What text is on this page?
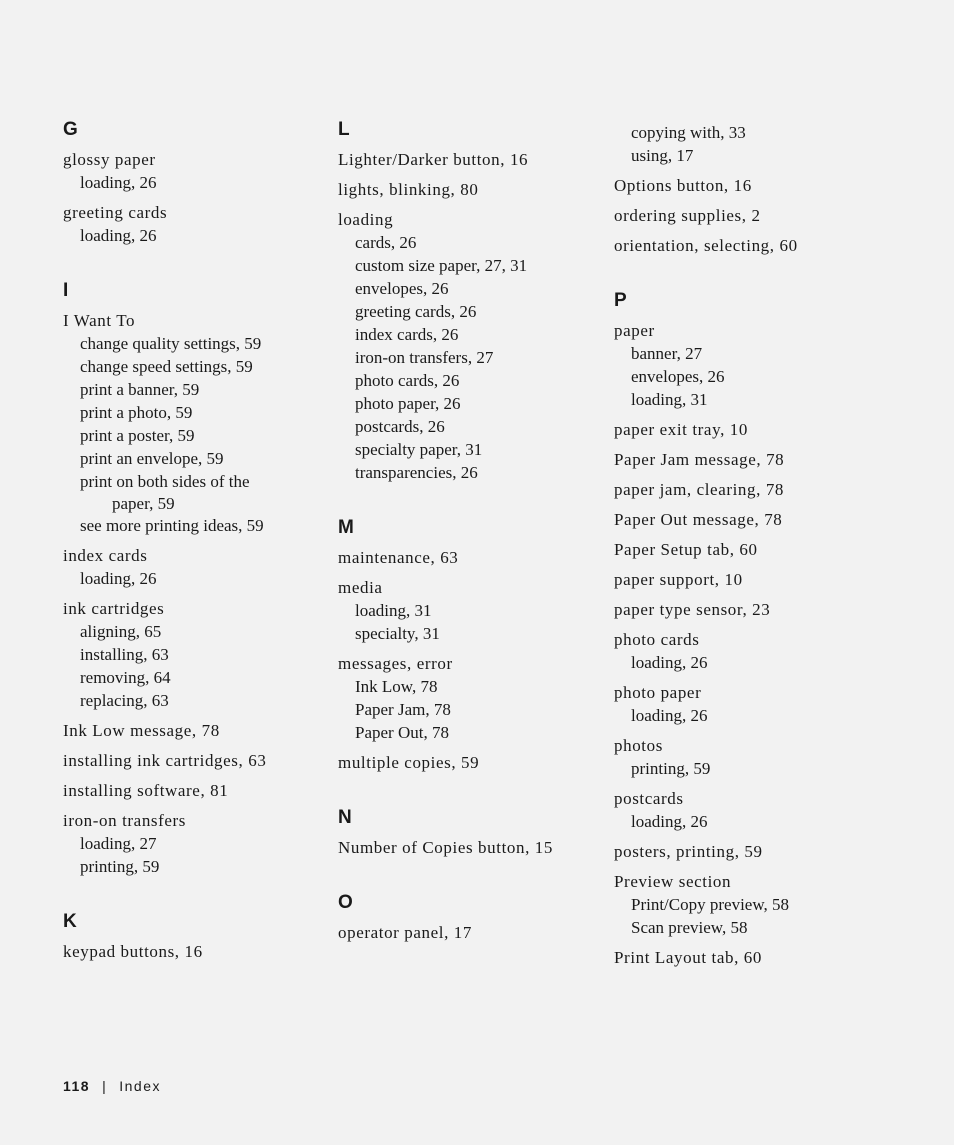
G
glossy paper
loading, 26
greeting cards
loading, 26
I
I Want To
change quality settings, 59
change speed settings, 59
print a banner, 59
print a photo, 59
print a poster, 59
print an envelope, 59
print on both sides of the
paper, 59
see more printing ideas, 59
index cards
loading, 26
ink cartridges
aligning, 65
installing, 63
removing, 64
replacing, 63
Ink Low message, 78
installing ink cartridges, 63
installing software, 81
iron-on transfers
loading, 27
printing, 59
K
keypad buttons, 16
L
Lighter/Darker button, 16
lights, blinking, 80
loading
cards, 26
custom size paper, 27, 31
envelopes, 26
greeting cards, 26
index cards, 26
iron-on transfers, 27
photo cards, 26
photo paper, 26
postcards, 26
specialty paper, 31
transparencies, 26
M
maintenance, 63
media
loading, 31
specialty, 31
messages, error
Ink Low, 78
Paper Jam, 78
Paper Out, 78
multiple copies, 59
N
Number of Copies button, 15
O
operator panel, 17
copying with, 33
using, 17
Options button, 16
ordering supplies, 2
orientation, selecting, 60
P
paper
banner, 27
envelopes, 26
loading, 31
paper exit tray, 10
Paper Jam message, 78
paper jam, clearing, 78
Paper Out message, 78
Paper Setup tab, 60
paper support, 10
paper type sensor, 23
photo cards
loading, 26
photo paper
loading, 26
photos
printing, 59
postcards
loading, 26
posters, printing, 59
Preview section
Print/Copy preview, 58
Scan preview, 58
Print Layout tab, 60
118 | Index
